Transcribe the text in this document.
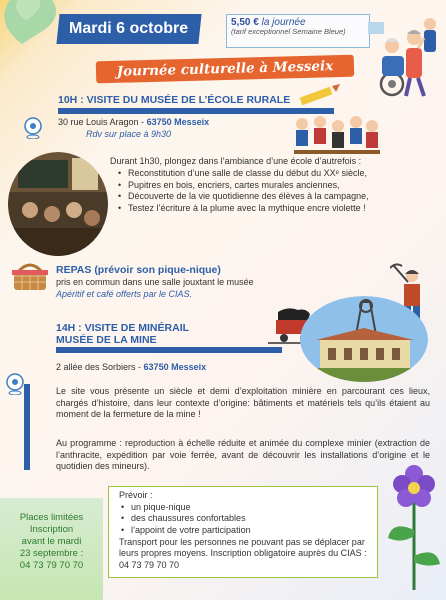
Mardi 6 octobre	5,50 € la journée
(tarif exceptionnel Semaine Bleue)
Journée culturelle à Messeix
10H : VISITE DU MUSÉE DE L’ÉCOLE RURALE
30 rue Louis Aragon - 63750 Messeix
Rdv sur place à 9h30
Durant 1h30, plongez dans l’ambiance d’une école d’autrefois :
• Reconstitution d’une salle de classe du début du XXᵉ siècle,
• Pupitres en bois, encriers, cartes murales anciennes,
• Découverte de la vie quotidienne des élèves à la campagne,
• Testez l’écriture à la plume avec la mythique encre violette !
REPAS (prévoir son pique-nique)
pris en commun dans une salle jouxtant le musée
Apéritif et café offerts par le CIAS.
14H : VISITE DE MINÉRAIL
MUSÉE DE LA MINE
2 allée des Sorbiers - 63750 Messeix
Le site vous présente un siècle et demi d’exploitation minière en parcourant ces lieux, chargés d’histoire, dans leur contexte d’origine: bâtiments et matériels tels qu’ils étaient au moment de la fermeture de la mine !
Au programme : reproduction à échelle réduite et animée du complexe minier (extraction de l’anthracite, expédition par voie ferrée, avant de découvrir les installations d’origine et le quotidien des mineurs).
Prévoir :
• un pique-nique
• des chaussures confortables
• l’appoint de votre participation
Transport pour les personnes ne pouvant pas se déplacer par leurs propres moyens. Inscription obligatoire auprès du CIAS : 04 73 79 70 70
Places limitées
Inscription
avant le mardi
23 septembre :
04 73 79 70 70
